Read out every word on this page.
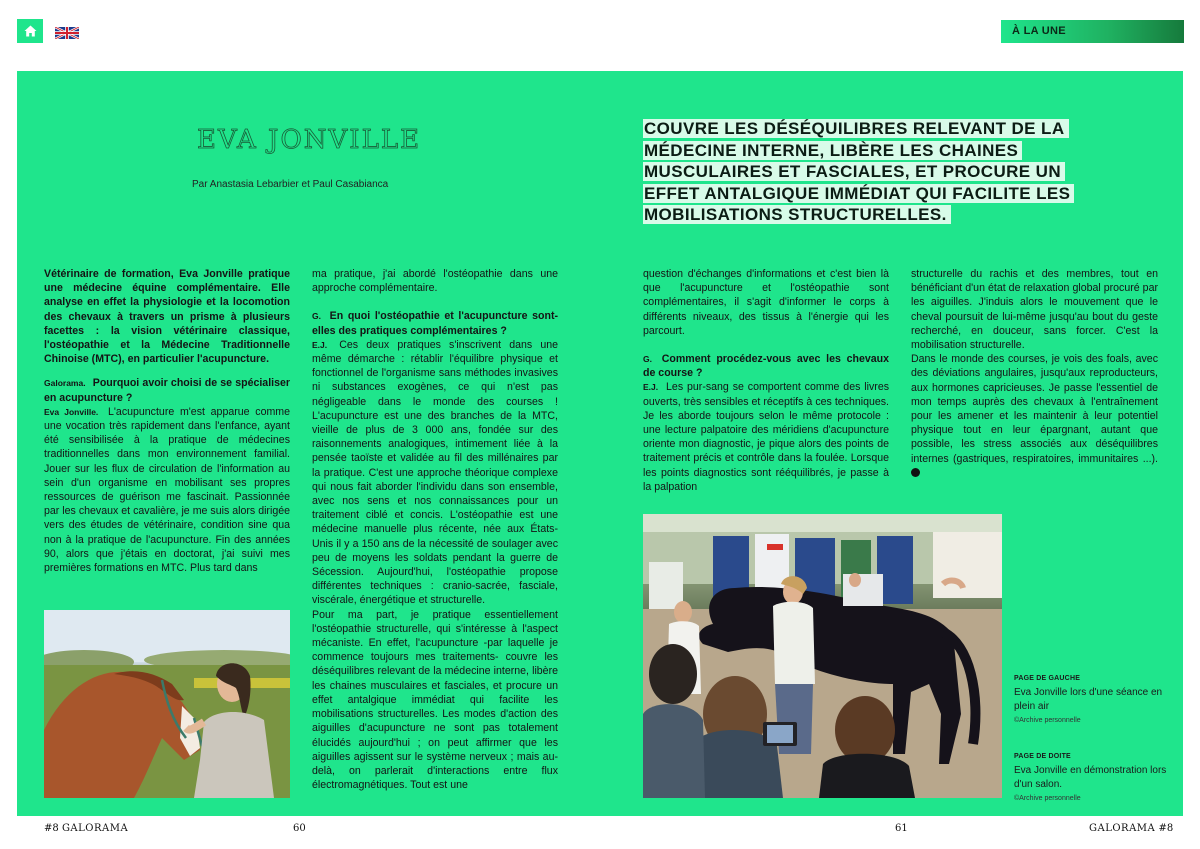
À LA UNE
EVA JONVILLE
Par Anastasia Lebarbier et Paul Casabianca
COUVRE LES DÉSÉQUILIBRES RELEVANT DE LA MÉDECINE INTERNE, LIBÈRE LES CHAINES MUSCULAIRES ET FASCIALES, ET PROCURE UN EFFET ANTALGIQUE IMMÉDIAT QUI FACILITE LES MOBILISATIONS STRUCTURELLES.

Vétérinaire de formation, Eva Jonville pratique une médecine équine complémentaire. Elle analyse en effet la physiologie et la locomotion des chevaux à travers un prisme à plusieurs facettes : la vision vétérinaire classique, l'ostéopathie et la Médecine Traditionnelle Chinoise (MTC), en particulier l'acupuncture.

Galorama. Pourquoi avoir choisi de se spécialiser en acupuncture ?

Eva Jonville. L'acupuncture m'est apparue comme une vocation très rapidement dans l'enfance, ayant été sensibilisée à la pratique de médecines traditionnelles dans mon environnement familial. Jouer sur les flux de circulation de l'information au sein d'un organisme en mobilisant ses propres ressources de guérison me fascinait. Passionnée par les chevaux et cavalière, je me suis alors dirigée vers des études de vétérinaire, condition sine qua non à la pratique de l'acupuncture. Fin des années 90, alors que j'étais en doctorat, j'ai suivi mes premières formations en MTC. Plus tard dans

ma pratique, j'ai abordé l'ostéopathie dans une approche complémentaire.

G. En quoi l'ostéopathie et l'acupuncture sont-elles des pratiques complémentaires ?

E.J. Ces deux pratiques s'inscrivent dans une même démarche : rétablir l'équilibre physique et fonctionnel de l'organisme sans méthodes invasives ni substances exogènes, ce qui n'est pas négligeable dans le monde des courses ! L'acupuncture est une des branches de la MTC, vieille de plus de 3 000 ans, fondée sur des raisonnements analogiques, intimement liée à la pensée taoïste et validée au fil des millénaires par la pratique. C'est une approche théorique complexe qui nous fait aborder l'individu dans son ensemble, avec nos sens et nos connaissances pour un traitement ciblé et concis. L'ostéopathie est une médecine manuelle plus récente, née aux États-Unis il y a 150 ans de la nécessité de soulager avec peu de moyens les soldats pendant la guerre de Sécession. Aujourd'hui, l'ostéopathie propose différentes techniques : cranio-sacrée, fasciale, viscérale, énergétique et structurelle.

Pour ma part, je pratique essentiellement l'ostéopathie structurelle, qui s'intéresse à l'aspect mécaniste. En effet, l'acupuncture -par laquelle je commence toujours mes traitements- couvre les déséquilibres relevant de la médecine interne, libère les chaines musculaires et fasciales, et procure un effet antalgique immédiat qui facilite les mobilisations structurelles. Les modes d'action des aiguilles d'acupuncture ne sont pas totalement élucidés aujourd'hui ; on peut affirmer que les aiguilles agissent sur le système nerveux ; mais au-delà, on parlerait d'interactions entre flux électromagnétiques. Tout est une

question d'échanges d'informations et c'est bien là que l'acupuncture et l'ostéopathie sont complémentaires, il s'agit d'informer le corps à différents niveaux, des tissus à l'énergie qui les parcourt.

G. Comment procédez-vous avec les chevaux de course ?

E.J. Les pur-sang se comportent comme des livres ouverts, très sensibles et réceptifs à ces techniques. Je les aborde toujours selon le même protocole : une lecture palpatoire des méridiens d'acupuncture oriente mon diagnostic, je pique alors des points de traitement précis et contrôle dans la foulée. Lorsque les points diagnostics sont rééquilibrés, je passe à la palpation

structurelle du rachis et des membres, tout en bénéficiant d'un état de relaxation global procuré par les aiguilles. J'induis alors le mouvement que le cheval poursuit de lui-même jusqu'au bout du geste recherché, en douceur, sans forcer. C'est la mobilisation structurelle.

Dans le monde des courses, je vois des foals, avec des déviations angulaires, jusqu'aux reproducteurs, aux hormones capricieuses. Je passe l'essentiel de mon temps auprès des chevaux à l'entraînement pour les amener et les maintenir à leur potentiel physique tout en leur épargnant, autant que possible, les stress associés aux déséquilibres internes (gastriques, respiratoires, immunitaires ...).

PAGE DE GAUCHE
Eva Jonville lors d'une séance en plein air
©Archive personnelle
PAGE DE DOITE
Eva Jonville en démonstration lors d'un salon.
©Archive personnelle
#8 GALORAMA	60	61	GALORAMA #8
